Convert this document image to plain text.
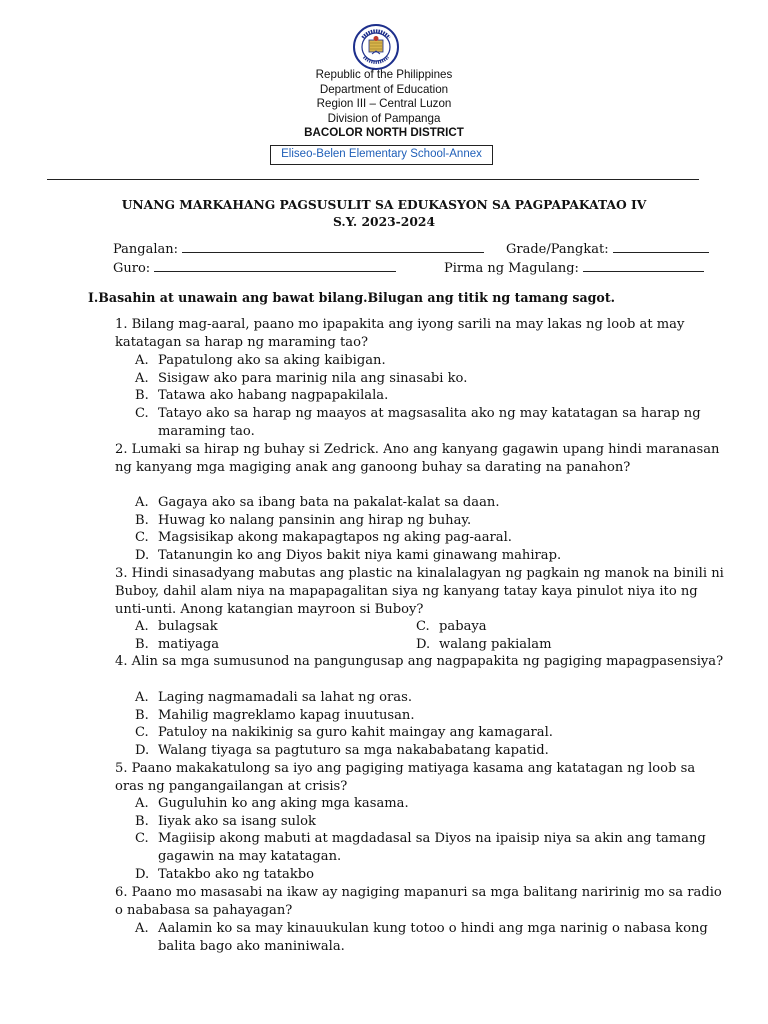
Republic of the Philippines
Department of Education
Region III – Central Luzon
Division of Pampanga
BACOLOR NORTH DISTRICT
Eliseo-Belen Elementary School-Annex
UNANG MARKAHANG PAGSUSULIT SA EDUKASYON SA PAGPAPAKATAO IV
S.Y. 2023-2024
Pangalan:	Grade/Pangkat:
Guro:	Pirma ng Magulang:
I.Basahin at unawain ang bawat bilang.Bilugan ang titik ng tamang sagot.
1. Bilang mag-aaral, paano mo ipapakita ang iyong sarili na may lakas ng loob at may katatagan sa harap ng maraming tao?
A. Papatulong ako sa aking kaibigan.
A. Sisigaw ako para marinig nila ang sinasabi ko.
B. Tatawa ako habang nagpapakilala.
C. Tatayo ako sa harap ng maayos at magsasalita ako ng may katatagan sa harap ng maraming tao.
2. Lumaki sa hirap ng buhay si Zedrick. Ano ang kanyang gagawin upang hindi maranasan ng kanyang mga magiging anak ang ganoong buhay sa darating na panahon?
A. Gagaya ako sa ibang bata na pakalat-kalat sa daan.
B. Huwag ko nalang pansinin ang hirap ng buhay.
C. Magsisikap akong makapagtapos ng aking pag-aaral.
D. Tatanungin ko ang Diyos bakit niya kami ginawang mahirap.
3. Hindi sinasadyang mabutas ang plastic na kinalalagyan ng pagkain ng manok na binili ni Buboy, dahil alam niya na mapapagalitan siya ng kanyang tatay kaya pinulot niya ito ng unti-unti. Anong katangian mayroon si Buboy?
A. bulagsak	C. pabaya
B. matiyaga	D. walang pakialam
4. Alin sa mga sumusunod na pangungusap ang nagpapakita ng pagiging mapagpasensiya?
A. Laging nagmamadali sa lahat ng oras.
B. Mahilig magreklamo kapag inuutusan.
C. Patuloy na nakikinig sa guro kahit maingay ang kamagaral.
D. Walang tiyaga sa pagtuturo sa mga nakababatang kapatid.
5. Paano makakatulong sa iyo ang pagiging matiyaga kasama ang katatagan ng loob sa oras ng pangangailangan at crisis?
A. Guguluhin ko ang aking mga kasama.
B. Iiyak ako sa isang sulok
C. Magiisip akong mabuti at magdadasal sa Diyos na ipaisip niya sa akin ang tamang gagawin na may katatagan.
D. Tatakbo ako ng tatakbo
6. Paano mo masasabi na ikaw ay nagiging mapanuri sa mga balitang naririnig mo sa radio o nababasa sa pahayagan?
A. Aalamin ko sa may kinauukulan kung totoo o hindi ang mga narinig o nabasa kong balita bago ako maniniwala.
